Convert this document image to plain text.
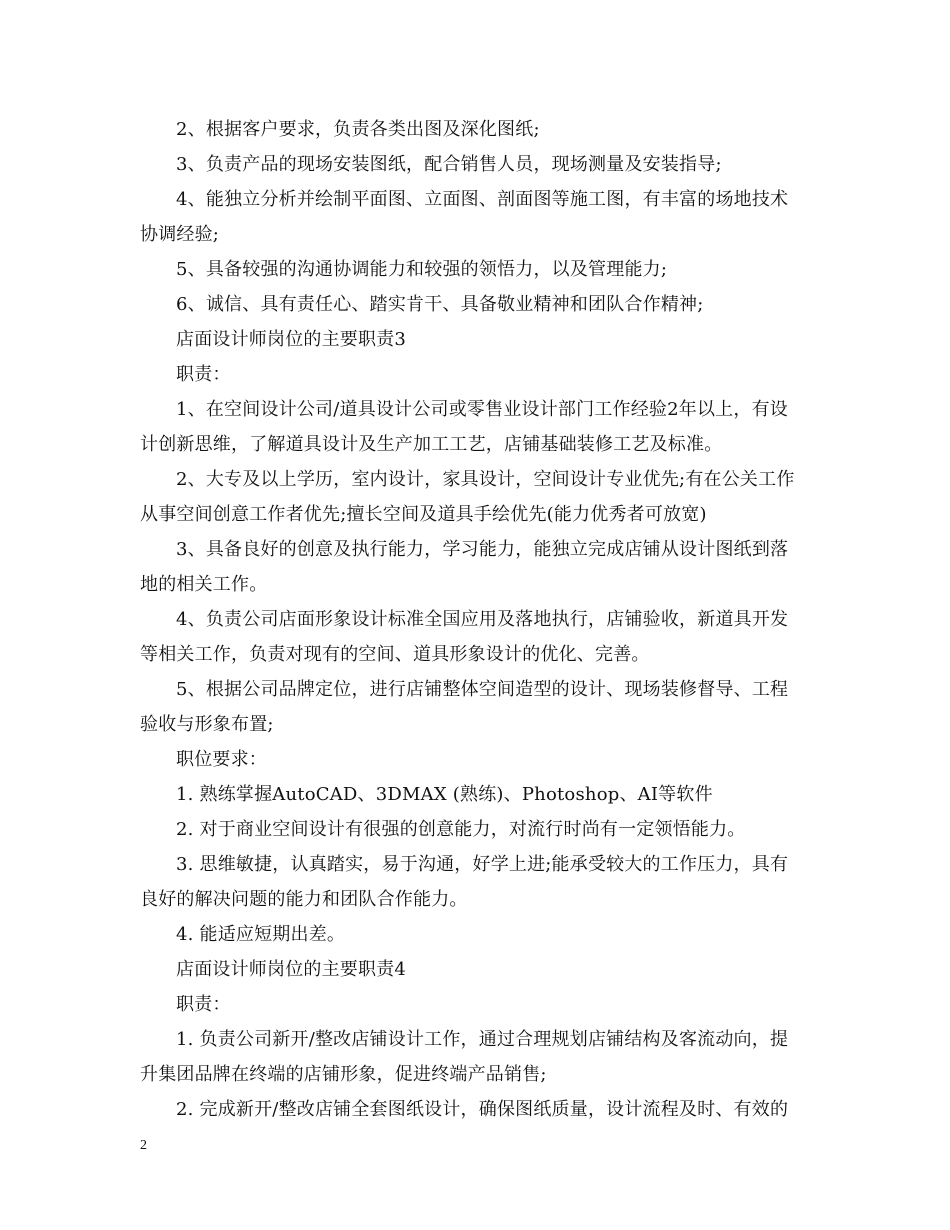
2、根据客户要求，负责各类出图及深化图纸;
3、负责产品的现场安装图纸，配合销售人员，现场测量及安装指导;
4、能独立分析并绘制平面图、立面图、剖面图等施工图，有丰富的场地技术
协调经验;
5、具备较强的沟通协调能力和较强的领悟力，以及管理能力;
6、诚信、具有责任心、踏实肯干、具备敬业精神和团队合作精神;
店面设计师岗位的主要职责3
职责：
1、在空间设计公司/道具设计公司或零售业设计部门工作经验2年以上，有设
计创新思维，了解道具设计及生产加工工艺，店铺基础装修工艺及标准。
2、大专及以上学历，室内设计，家具设计，空间设计专业优先;有在公关工作
从事空间创意工作者优先;擅长空间及道具手绘优先(能力优秀者可放宽)
3、具备良好的创意及执行能力，学习能力，能独立完成店铺从设计图纸到落
地的相关工作。
4、负责公司店面形象设计标准全国应用及落地执行，店铺验收，新道具开发
等相关工作，负责对现有的空间、道具形象设计的优化、完善。
5、根据公司品牌定位，进行店铺整体空间造型的设计、现场装修督导、工程
验收与形象布置;
职位要求：
1. 熟练掌握AutoCAD、3DMAX (熟练)、Photoshop、AI等软件
2. 对于商业空间设计有很强的创意能力，对流行时尚有一定领悟能力。
3. 思维敏捷，认真踏实，易于沟通，好学上进;能承受较大的工作压力，具有
良好的解决问题的能力和团队合作能力。
4. 能适应短期出差。
店面设计师岗位的主要职责4
职责：
1. 负责公司新开/整改店铺设计工作，通过合理规划店铺结构及客流动向，提
升集团品牌在终端的店铺形象，促进终端产品销售;
2. 完成新开/整改店铺全套图纸设计，确保图纸质量，设计流程及时、有效的
2
